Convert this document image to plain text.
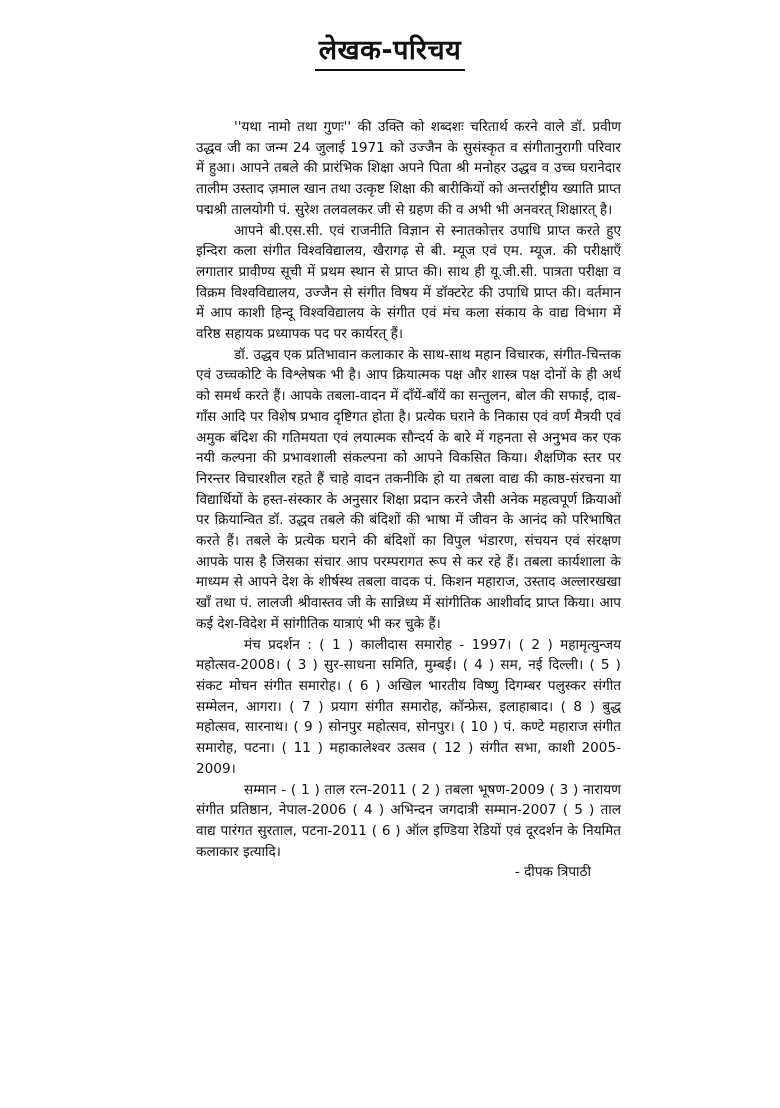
लेखक-परिचय

''यथा नामो तथा गुणः'' की उक्ति को शब्दशः चरितार्थ करने वाले डॉ. प्रवीण उद्धव जी का जन्म 24 जुलाई 1971 को उज्जैन के सुसंस्कृत व संगीतानुरागी परिवार में हुआ। आपने तबले की प्रारंभिक शिक्षा अपने पिता श्री मनोहर उद्धव व उच्च घरानेदार तालीम उस्ताद ज़माल खान तथा उत्कृष्ट शिक्षा की बारीकियों को अन्तर्राष्ट्रीय ख्याति प्राप्त पद्मश्री तालयोगी पं. सुरेश तलवलकर जी से ग्रहण की व अभी भी अनवरत् शिक्षारत् है।

आपने बी.एस.सी. एवं राजनीति विज्ञान से स्नातकोत्तर उपाधि प्राप्त करते हुए इन्दिरा कला संगीत विश्वविद्यालय, खैरागढ़ से बी. म्यूज एवं एम. म्यूज. की परीक्षाएँ लगातार प्रावीण्य सूची में प्रथम स्थान से प्राप्त की। साथ ही यू.जी.सी. पात्रता परीक्षा व विक्रम विश्वविद्यालय, उज्जैन से संगीत विषय में डॉक्टरेट की उपाधि प्राप्त की। वर्तमान में आप काशी हिन्दू विश्वविद्यालय के संगीत एवं मंच कला संकाय के वाद्य विभाग में वरिष्ठ सहायक प्रध्यापक पद पर कार्यरत् हैं।

डॉ. उद्धव एक प्रतिभावान कलाकार के साथ-साथ महान विचारक, संगीत-चिन्तक एवं उच्चकोटि के विश्लेषक भी है। आप क्रियात्मक पक्ष और शास्त्र पक्ष दोनों के ही अर्थ को समर्थ करते हैं। आपके तबला-वादन में दाँयें-बाँयें का सन्तुलन, बोल की सफाई, दाब-गाँस आदि पर विशेष प्रभाव दृष्टिगत होता है। प्रत्येक घराने के निकास एवं वर्ण मैत्रयी एवं अमुक बंदिश की गतिमयता एवं लयात्मक सौन्दर्य के बारे में गहनता से अनुभव कर एक नयी कल्पना की प्रभावशाली संकल्पना को आपने विकसित किया। शैक्षणिक स्तर पर निरन्तर विचारशील रहते हैं चाहे वादन तकनीकि हो या तबला वाद्य की काष्ठ-संरचना या विद्यार्थियों के हस्त-संस्कार के अनुसार शिक्षा प्रदान करने जैसी अनेक महत्वपूर्ण क्रियाओं पर क्रियान्वित डॉ. उद्धव तबले की बंदिशों की भाषा में जीवन के आनंद को परिभाषित करते हैं। तबले के प्रत्येक घराने की बंदिशों का विपुल भंडारण, संचयन एवं संरक्षण आपके पास है जिसका संचार आप परम्परागत रूप से कर रहे हैं। तबला कार्यशाला के माध्यम से आपने देश के शीर्षस्थ तबला वादक पं. किशन महाराज, उस्ताद अल्लारखखा खाँ तथा पं. लालजी श्रीवास्तव जी के सान्निध्य में सांगीतिक आशीर्वाद प्राप्त किया। आप कई देश-विदेश में सांगीतिक यात्राएं भी कर चुके हैं।

मंच प्रदर्शन : ( 1 ) कालीदास समारोह - 1997। ( 2 ) महामृत्युन्जय महोत्सव-2008। ( 3 ) सुर-साधना समिति, मुम्बई। ( 4 ) सम, नई दिल्ली। ( 5 ) संकट मोचन संगीत समारोह। ( 6 ) अखिल भारतीय विष्णु दिगम्बर पलुस्कर संगीत सम्मेलन, आगरा। ( 7 ) प्रयाग संगीत समारोह, कॉन्फ्रेस, इलाहाबाद। ( 8 ) बुद्ध महोत्सव, सारनाथ। ( 9 ) सोनपुर महोत्सव, सोनपुर। ( 10 ) पं. कण्टे महाराज संगीत समारोह, पटना। ( 11 ) महाकालेश्वर उत्सव ( 12 ) संगीत सभा, काशी 2005-2009।

सम्मान - ( 1 ) ताल रत्न-2011 ( 2 ) तबला भूषण-2009 ( 3 ) नारायण संगीत प्रतिष्ठान, नेपाल-2006 ( 4 ) अभिन्दन जगदात्री सम्मान-2007 ( 5 ) ताल वाद्य पारंगत सुरताल, पटना-2011 ( 6 ) ऑल इण्डिया रेडियों एवं दूरदर्शन के नियमित कलाकार इत्यादि।

- दीपक त्रिपाठी
